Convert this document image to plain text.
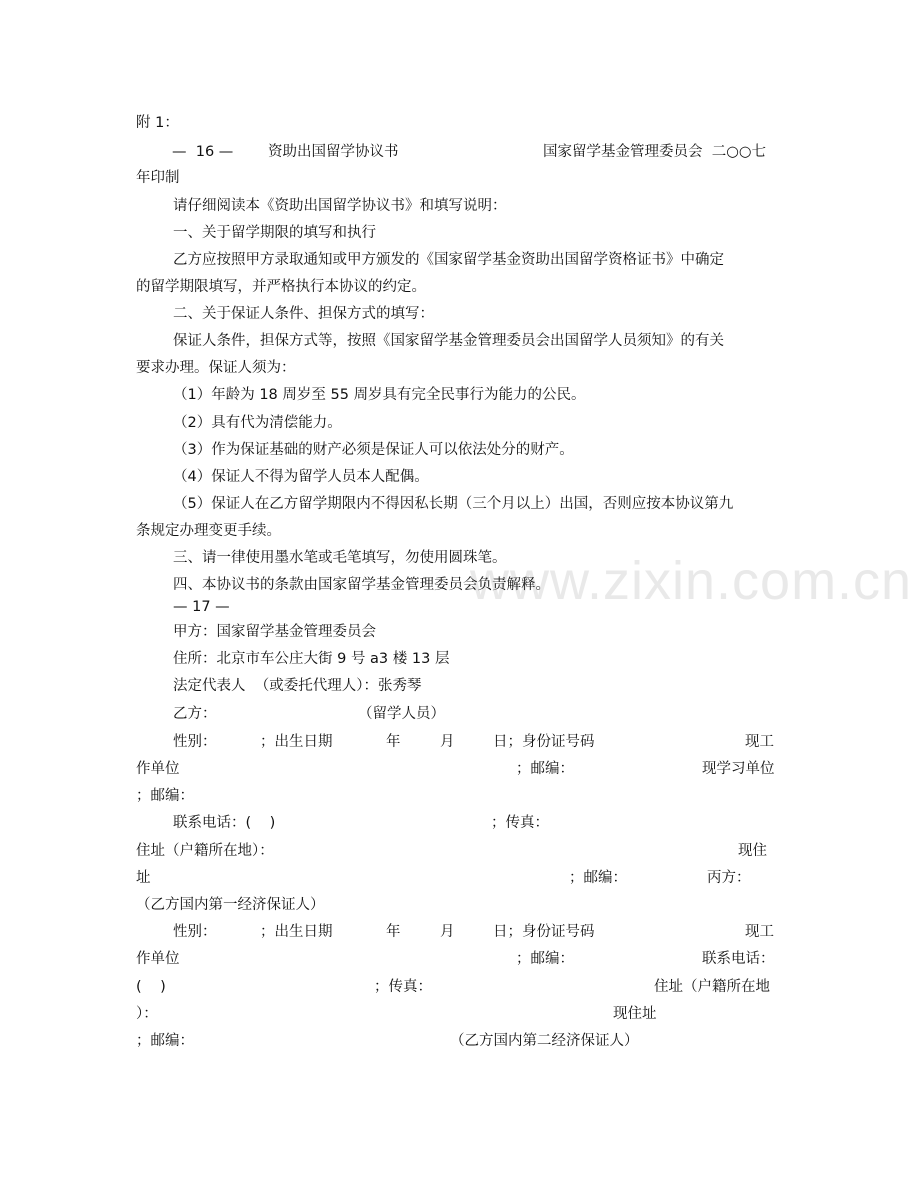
www.zixin.com.cn
附 1：
—  16 — 资助出国留学协议书	国家留学基金管理委员会  二○○七
年印制
请仔细阅读本《资助出国留学协议书》和填写说明：
一、关于留学期限的填写和执行
乙方应按照甲方录取通知或甲方颁发的《国家留学基金资助出国留学资格证书》中确定
的留学期限填写，并严格执行本协议的约定。
二、关于保证人条件、担保方式的填写：
保证人条件，担保方式等，按照《国家留学基金管理委员会出国留学人员须知》的有关
要求办理。保证人须为：
（1）年龄为 18 周岁至 55 周岁具有完全民事行为能力的公民。
（2）具有代为清偿能力。
（3）作为保证基础的财产必须是保证人可以依法处分的财产。
（4）保证人不得为留学人员本人配偶。
（5）保证人在乙方留学期限内不得因私长期（三个月以上）出国，否则应按本协议第九
条规定办理变更手续。
三、请一律使用墨水笔或毛笔填写，勿使用圆珠笔。
四、本协议书的条款由国家留学基金管理委员会负责解释。
— 17 —
甲方：国家留学基金管理委员会
住所：北京市车公庄大街 9 号 a3 楼 13 层
法定代表人  （或委托代理人）：张秀琴
乙方：	（留学人员）
性别：	；出生日期	年	月	日；身份证号码	现工
作单位	；邮编：	现学习单位
；邮编：
联系电话：(    )	；传真：
住址（户籍所在地）：	现住
址	；邮编：	丙方：
（乙方国内第一经济保证人）
性别：	；出生日期	年	月	日；身份证号码	现工
作单位	；邮编：	联系电话：
(    )	；传真：	住址（户籍所在地
）：	现住址
；邮编：	（乙方国内第二经济保证人）
